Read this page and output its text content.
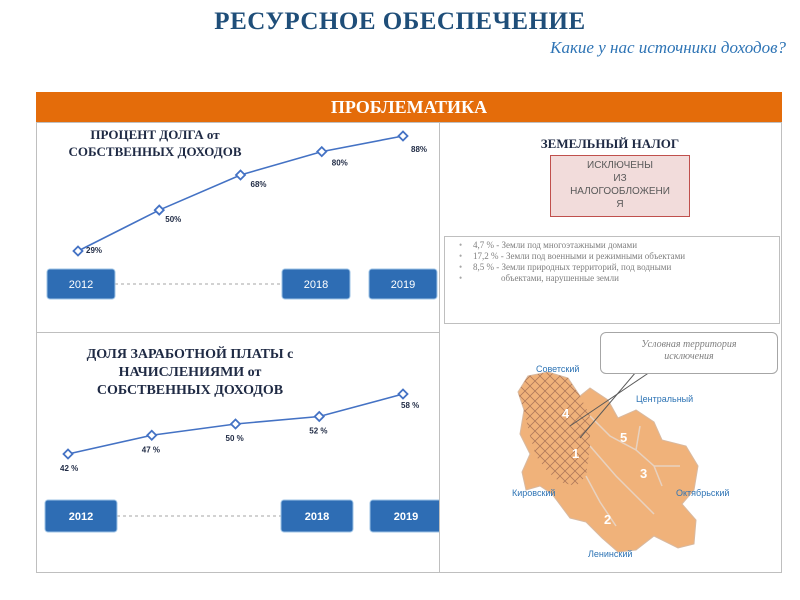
РЕСУРСНОЕ ОБЕСПЕЧЕНИЕ
Какие у нас источники доходов?
ПРОБЛЕМАТИКА
ПРОЦЕНТ ДОЛГА от
СОБСТВЕННЫХ ДОХОДОВ
ДОЛЯ ЗАРАБОТНОЙ ПЛАТЫ с
НАЧИСЛЕНИЯМИ от
СОБСТВЕННЫХ ДОХОДОВ
29%
50%
68%
80%
88%
2012	2018	2019
42 %
47 %
50 %
52 %
58 %
2012	2018	2019
ЗЕМЕЛЬНЫЙ НАЛОГ
ИСКЛЮЧЕНЫ
ИЗ
НАЛОГООБЛОЖЕНИ
Я
• 4,7 % - Земли под многоэтажными домами
• 17,2 % - Земли под военными и режимными объектами
• 8,5 % - Земли природных территорий, под водными
• объектами, нарушенные земли
4
5
1
3
2
Советский
Центральный
Кировский	Октябрьский
Ленинский
Условная территория
исключения
